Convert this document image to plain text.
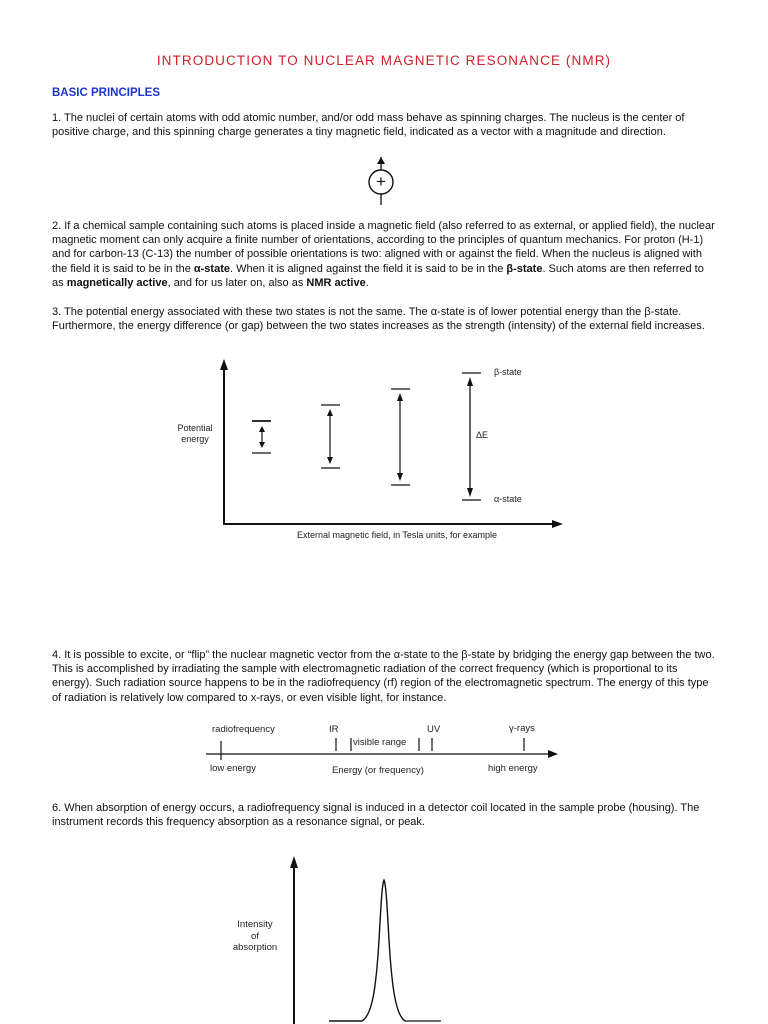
INTRODUCTION TO NUCLEAR MAGNETIC RESONANCE (NMR)
BASIC PRINCIPLES
1. The nuclei of certain atoms with odd atomic number, and/or odd mass behave as spinning charges. The nucleus is the center of positive charge, and this spinning charge generates a tiny magnetic field, indicated as a vector with a magnitude and direction.
+
2. If a chemical sample containing such atoms is placed inside a magnetic field (also referred to as external, or applied field), the nuclear magnetic moment can only acquire a finite number of orientations, according to the principles of quantum mechanics. For proton (H-1) and for carbon-13 (C-13) the number of possible orientations is two: aligned with or against the field. When the nucleus is aligned with the field it is said to be in the α-state. When it is aligned against the field it is said to be in the β-state. Such atoms are then referred to as magnetically active, and for us later on, also as NMR active.
3. The potential energy associated with these two states is not the same. The α-state is of lower potential energy than the β-state. Furthermore, the energy difference (or gap) between the two states increases as the strength (intensity) of the external field increases.
Potential
energy	ΔE
β-state
α-state
External magnetic field, in Tesla units, for example
4. It is possible to excite, or “flip” the nuclear magnetic vector from the α-state to the β-state by bridging the energy gap between the two. This is accomplished by irradiating the sample with electromagnetic radiation of the correct frequency (which is proportional to its energy). Such radiation source happens to be in the radiofrequency (rf) region of the electromagnetic spectrum. The energy of this type of radiation is relatively low compared to x-rays, or even visible light, for instance.
radiofrequency	IR
visible range
UV	γ-rays
low energy	Energy (or frequency)	high energy
6. When absorption of energy occurs, a radiofrequency signal is induced in a detector coil located in the sample probe (housing). The instrument records this frequency absorption as a resonance signal, or peak.
Intensity
of
absorption
